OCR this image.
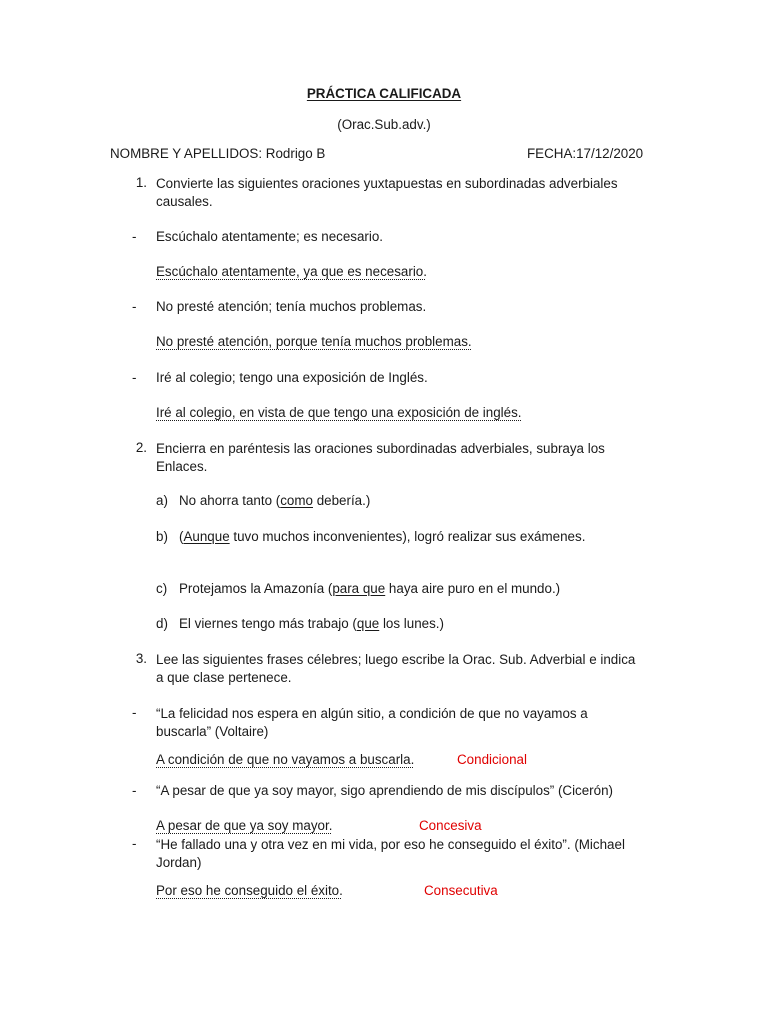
PRÁCTICA CALIFICADA
(Orac.Sub.adv.)
NOMBRE Y APELLIDOS: Rodrigo B	FECHA:17/12/2020
1. Convierte las siguientes oraciones yuxtapuestas en subordinadas adverbiales causales.
- Escúchalo atentamente; es necesario.
Escúchalo atentamente, ya que es necesario.
- No presté atención; tenía muchos problemas.
No presté atención, porque tenía muchos problemas.
- Iré al colegio; tengo una exposición de Inglés.
Iré al colegio, en vista de que tengo una exposición de inglés.
2. Encierra en paréntesis las oraciones subordinadas adverbiales, subraya los Enlaces.
a) No ahorra tanto (como debería.)
b) (Aunque tuvo muchos inconvenientes), logró realizar sus exámenes.
c) Protejamos la Amazonía (para que haya aire puro en el mundo.)
d) El viernes tengo más trabajo (que los lunes.)
3. Lee las siguientes frases célebres; luego escribe la Orac. Sub. Adverbial e indica a que clase pertenece.
- “La felicidad nos espera en algún sitio, a condición de que no vayamos a buscarla” (Voltaire)
A condición de que no vayamos a buscarla.	Condicional
- “A pesar de que ya soy mayor, sigo aprendiendo de mis discípulos” (Cicerón)
A pesar de que ya soy mayor.	Concesiva
- “He fallado una y otra vez en mi vida, por eso he conseguido el éxito”. (Michael Jordan)
Por eso he conseguido el éxito.	Consecutiva
